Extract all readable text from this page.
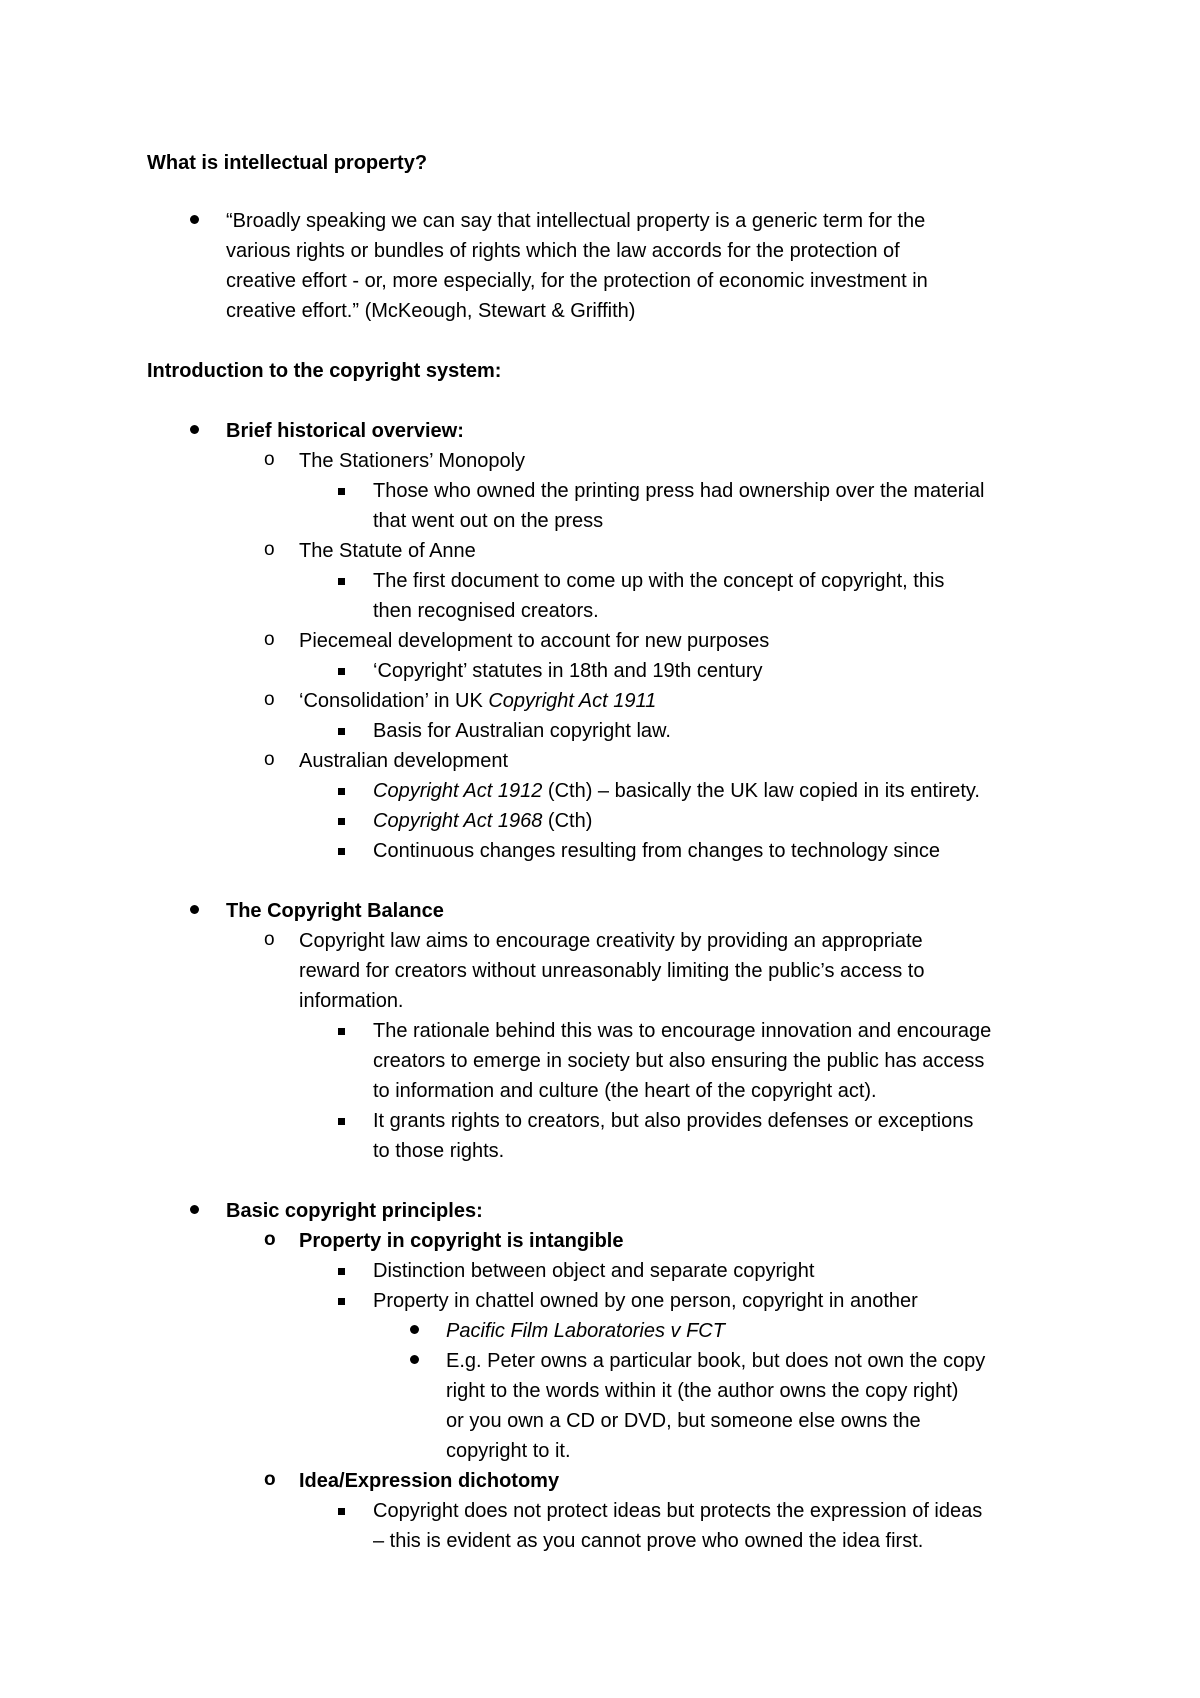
What is intellectual property?
“Broadly speaking we can say that intellectual property is a generic term for the
various rights or bundles of rights which the law accords for the protection of
creative effort - or, more especially, for the protection of economic investment in
creative effort.” (McKeough, Stewart & Griffith)
Introduction to the copyright system:
Brief historical overview:
o The Stationers’ Monopoly
Those who owned the printing press had ownership over the material
that went out on the press
o The Statute of Anne
The first document to come up with the concept of copyright, this
then recognised creators.
o Piecemeal development to account for new purposes
‘Copyright’ statutes in 18th and 19th century
o ‘Consolidation’ in UK Copyright Act 1911
Basis for Australian copyright law.
o Australian development
Copyright Act 1912 (Cth) – basically the UK law copied in its entirety.
Copyright Act 1968 (Cth)
Continuous changes resulting from changes to technology since
The Copyright Balance
o Copyright law aims to encourage creativity by providing an appropriate
reward for creators without unreasonably limiting the public’s access to
information.
The rationale behind this was to encourage innovation and encourage
creators to emerge in society but also ensuring the public has access
to information and culture (the heart of the copyright act).
It grants rights to creators, but also provides defenses or exceptions
to those rights.
Basic copyright principles:
o Property in copyright is intangible
Distinction between object and separate copyright
Property in chattel owned by one person, copyright in another
Pacific Film Laboratories v FCT
E.g. Peter owns a particular book, but does not own the copy
right to the words within it (the author owns the copy right)
or you own a CD or DVD, but someone else owns the
copyright to it.
o Idea/Expression dichotomy
Copyright does not protect ideas but protects the expression of ideas
– this is evident as you cannot prove who owned the idea first.
